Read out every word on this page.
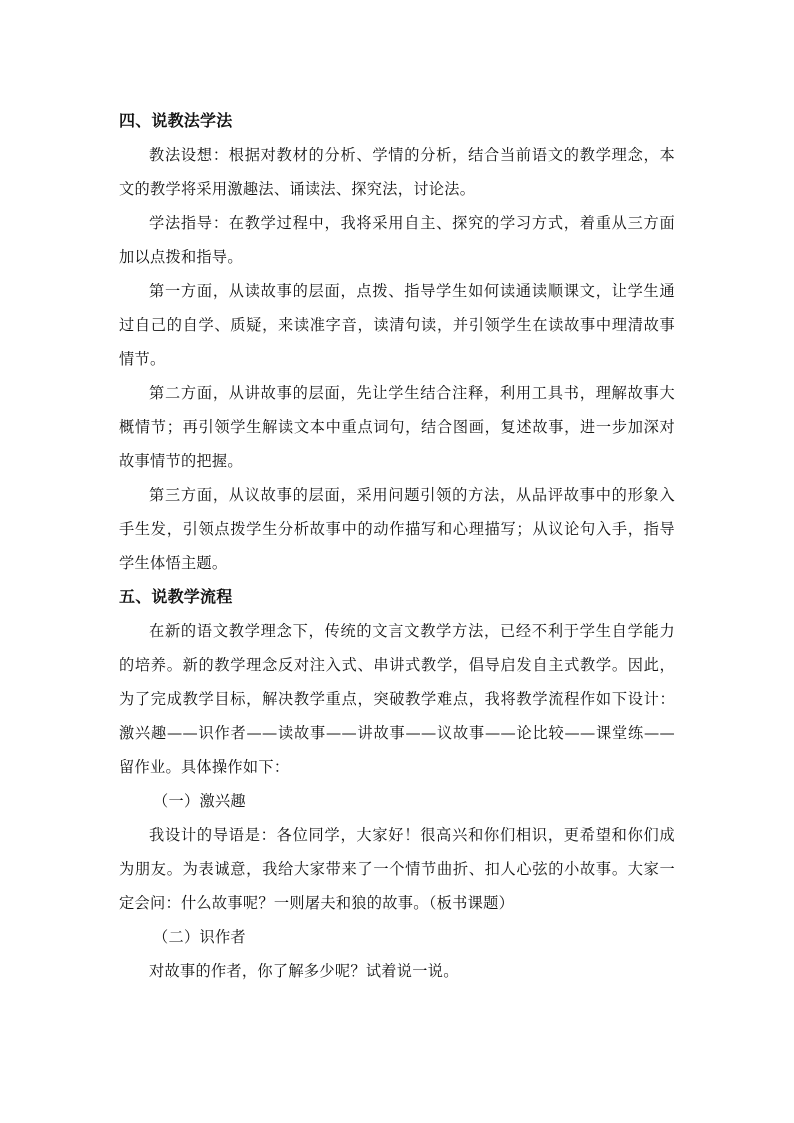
四、说教法学法

教法设想：根据对教材的分析、学情的分析，结合当前语文的教学理念，本文的教学将采用激趣法、诵读法、探究法，讨论法。

学法指导：在教学过程中，我将采用自主、探究的学习方式，着重从三方面加以点拨和指导。

第一方面，从读故事的层面，点拨、指导学生如何读通读顺课文，让学生通过自己的自学、质疑，来读准字音，读清句读，并引领学生在读故事中理清故事情节。

第二方面，从讲故事的层面，先让学生结合注释，利用工具书，理解故事大概情节；再引领学生解读文本中重点词句，结合图画，复述故事，进一步加深对故事情节的把握。

第三方面，从议故事的层面，采用问题引领的方法，从品评故事中的形象入手生发，引领点拨学生分析故事中的动作描写和心理描写；从议论句入手，指导学生体悟主题。

五、说教学流程

在新的语文教学理念下，传统的文言文教学方法，已经不利于学生自学能力的培养。新的教学理念反对注入式、串讲式教学，倡导启发自主式教学。因此，为了完成教学目标，解决教学重点，突破教学难点，我将教学流程作如下设计：激兴趣——识作者——读故事——讲故事——议故事——论比较——课堂练——留作业。具体操作如下：

（一）激兴趣

我设计的导语是：各位同学，大家好！很高兴和你们相识，更希望和你们成为朋友。为表诚意，我给大家带来了一个情节曲折、扣人心弦的小故事。大家一定会问：什么故事呢？一则屠夫和狼的故事。（板书课题）

（二）识作者

对故事的作者，你了解多少呢？试着说一说。
